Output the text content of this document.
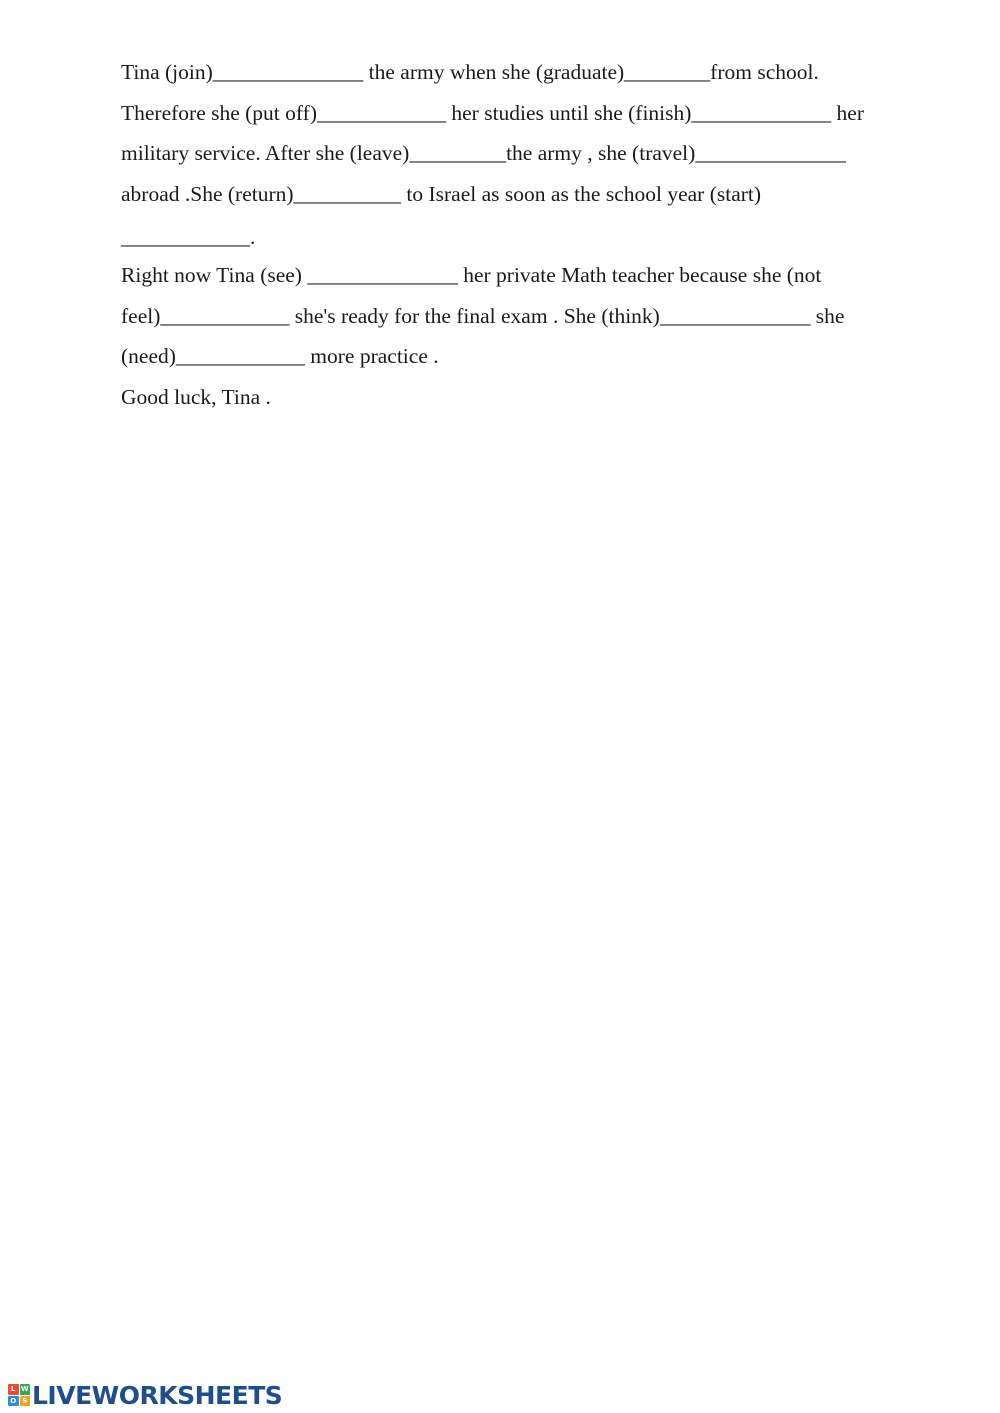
Tina (join)______________ the army when she (graduate)________from school.
Therefore she (put off)____________ her studies until she (finish)_____________ her
military service. After she (leave)_________the army , she (travel)______________
abroad .She (return)__________ to Israel as soon as the school year (start)
____________.
Right now Tina (see) ______________ her private Math teacher because she (not
feel)____________ she's ready for the final exam . She (think)______________ she
(need)____________ more practice .
Good luck, Tina .
L W
O S LIVEWORKSHEETS
